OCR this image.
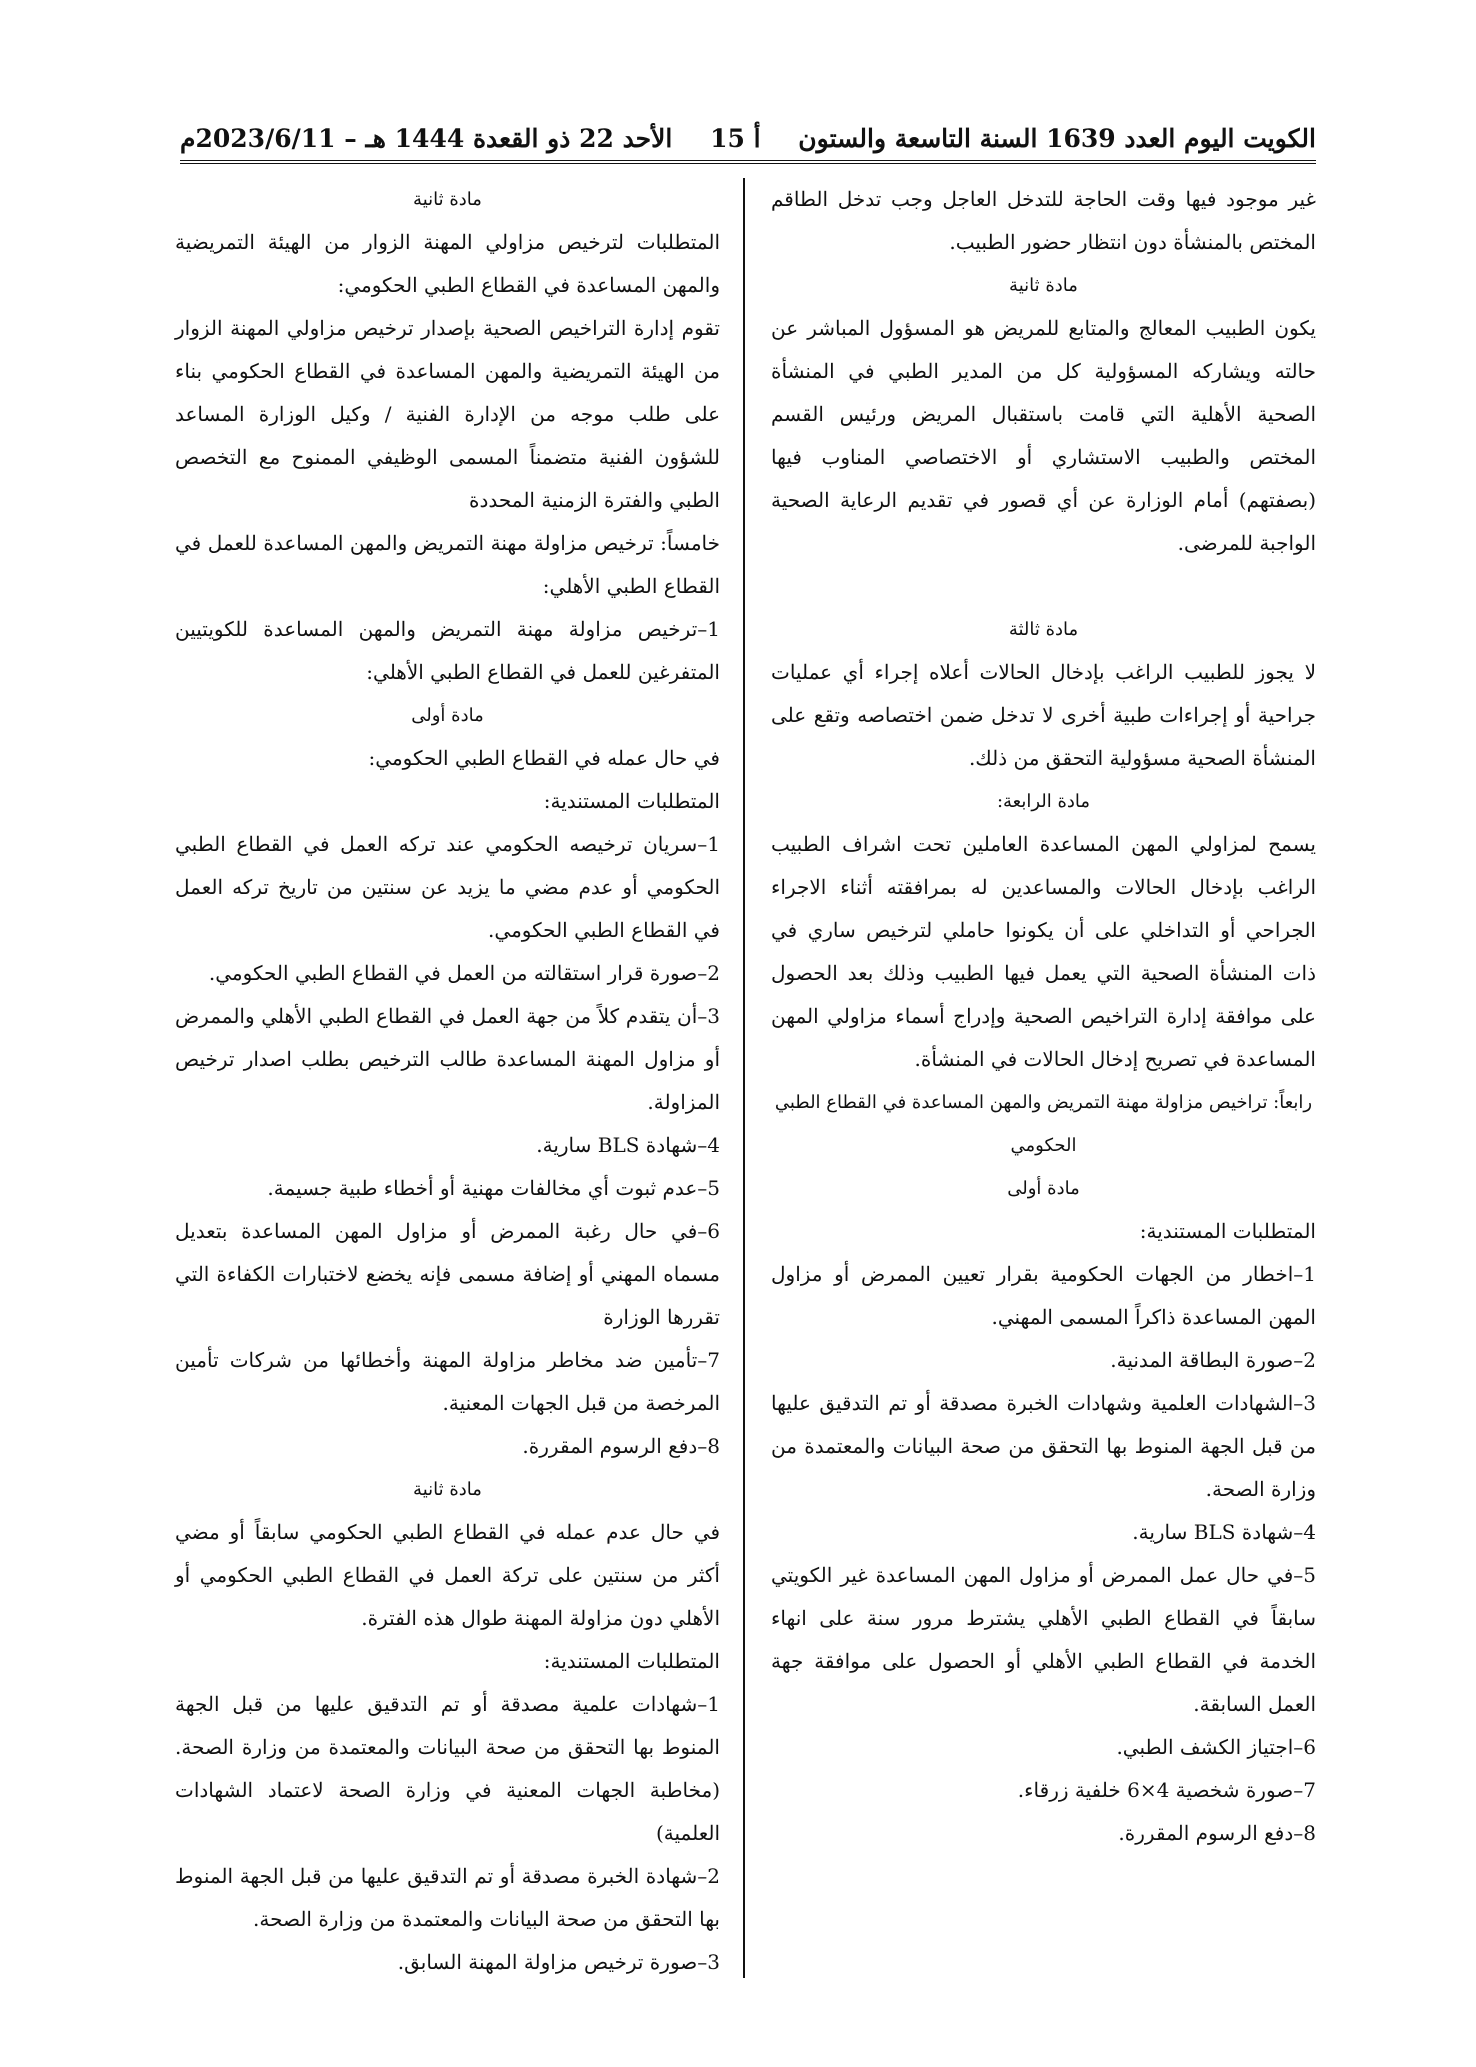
الكويت اليوم العدد 1639 السنة التاسعة والستون
أ 15
الأحد 22 ذو القعدة 1444 هـ – 2023/6/11م

غير موجود فيها وقت الحاجة للتدخل العاجل وجب تدخل الطاقم المختص بالمنشأة دون انتظار حضور الطبيب.

مادة ثانية

يكون الطبيب المعالج والمتابع للمريض هو المسؤول المباشر عن حالته ويشاركه المسؤولية كل من المدير الطبي في المنشأة الصحية الأهلية التي قامت باستقبال المريض ورئيس القسم المختص والطبيب الاستشاري أو الاختصاصي المناوب فيها (بصفتهم) أمام الوزارة عن أي قصور في تقديم الرعاية الصحية الواجبة للمرضى.

مادة ثالثة

لا يجوز للطبيب الراغب بإدخال الحالات أعلاه إجراء أي عمليات جراحية أو إجراءات طبية أخرى لا تدخل ضمن اختصاصه وتقع على المنشأة الصحية مسؤولية التحقق من ذلك.

مادة الرابعة:

يسمح لمزاولي المهن المساعدة العاملين تحت اشراف الطبيب الراغب بإدخال الحالات والمساعدين له بمرافقته أثناء الاجراء الجراحي أو التداخلي على أن يكونوا حاملي لترخيص ساري في ذات المنشأة الصحية التي يعمل فيها الطبيب وذلك بعد الحصول على موافقة إدارة التراخيص الصحية وإدراج أسماء مزاولي المهن المساعدة في تصريح إدخال الحالات في المنشأة.

رابعاً: تراخيص مزاولة مهنة التمريض والمهن المساعدة في القطاع الطبي الحكومي

مادة أولى

المتطلبات المستندية:

1–اخطار من الجهات الحكومية بقرار تعيين الممرض أو مزاول المهن المساعدة ذاكراً المسمى المهني.

2–صورة البطاقة المدنية.

3–الشهادات العلمية وشهادات الخبرة مصدقة أو تم التدقيق عليها من قبل الجهة المنوط بها التحقق من صحة البيانات والمعتمدة من وزارة الصحة.

4–شهادة BLS سارية.

5–في حال عمل الممرض أو مزاول المهن المساعدة غير الكويتي سابقاً في القطاع الطبي الأهلي يشترط مرور سنة على انهاء الخدمة في القطاع الطبي الأهلي أو الحصول على موافقة جهة العمل السابقة.

6–اجتياز الكشف الطبي.

7–صورة شخصية 4×6 خلفية زرقاء.

8–دفع الرسوم المقررة.

مادة ثانية

المتطلبات لترخيص مزاولي المهنة الزوار من الهيئة التمريضية والمهن المساعدة في القطاع الطبي الحكومي:

تقوم إدارة التراخيص الصحية بإصدار ترخيص مزاولي المهنة الزوار من الهيئة التمريضية والمهن المساعدة في القطاع الحكومي بناء على طلب موجه من الإدارة الفنية / وكيل الوزارة المساعد للشؤون الفنية متضمناً المسمى الوظيفي الممنوح مع التخصص الطبي والفترة الزمنية المحددة

خامساً: ترخيص مزاولة مهنة التمريض والمهن المساعدة للعمل في القطاع الطبي الأهلي:

1–ترخيص مزاولة مهنة التمريض والمهن المساعدة للكويتيين المتفرغين للعمل في القطاع الطبي الأهلي:

مادة أولى

في حال عمله في القطاع الطبي الحكومي:

المتطلبات المستندية:

1–سريان ترخيصه الحكومي عند تركه العمل في القطاع الطبي الحكومي أو عدم مضي ما يزيد عن سنتين من تاريخ تركه العمل في القطاع الطبي الحكومي.

2–صورة قرار استقالته من العمل في القطاع الطبي الحكومي.

3–أن يتقدم كلاً من جهة العمل في القطاع الطبي الأهلي والممرض أو مزاول المهنة المساعدة طالب الترخيص بطلب اصدار ترخيص المزاولة.

4–شهادة BLS سارية.

5–عدم ثبوت أي مخالفات مهنية أو أخطاء طبية جسيمة.

6–في حال رغبة الممرض أو مزاول المهن المساعدة بتعديل مسماه المهني أو إضافة مسمى فإنه يخضع لاختبارات الكفاءة التي تقررها الوزارة

7–تأمين ضد مخاطر مزاولة المهنة وأخطائها من شركات تأمين المرخصة من قبل الجهات المعنية.

8–دفع الرسوم المقررة.

مادة ثانية

في حال عدم عمله في القطاع الطبي الحكومي سابقاً أو مضي أكثر من سنتين على تركة العمل في القطاع الطبي الحكومي أو الأهلي دون مزاولة المهنة طوال هذه الفترة.

المتطلبات المستندية:

1–شهادات علمية مصدقة أو تم التدقيق عليها من قبل الجهة المنوط بها التحقق من صحة البيانات والمعتمدة من وزارة الصحة. (مخاطبة الجهات المعنية في وزارة الصحة لاعتماد الشهادات العلمية)

2–شهادة الخبرة مصدقة أو تم التدقيق عليها من قبل الجهة المنوط بها التحقق من صحة البيانات والمعتمدة من وزارة الصحة.

3–صورة ترخيص مزاولة المهنة السابق.
